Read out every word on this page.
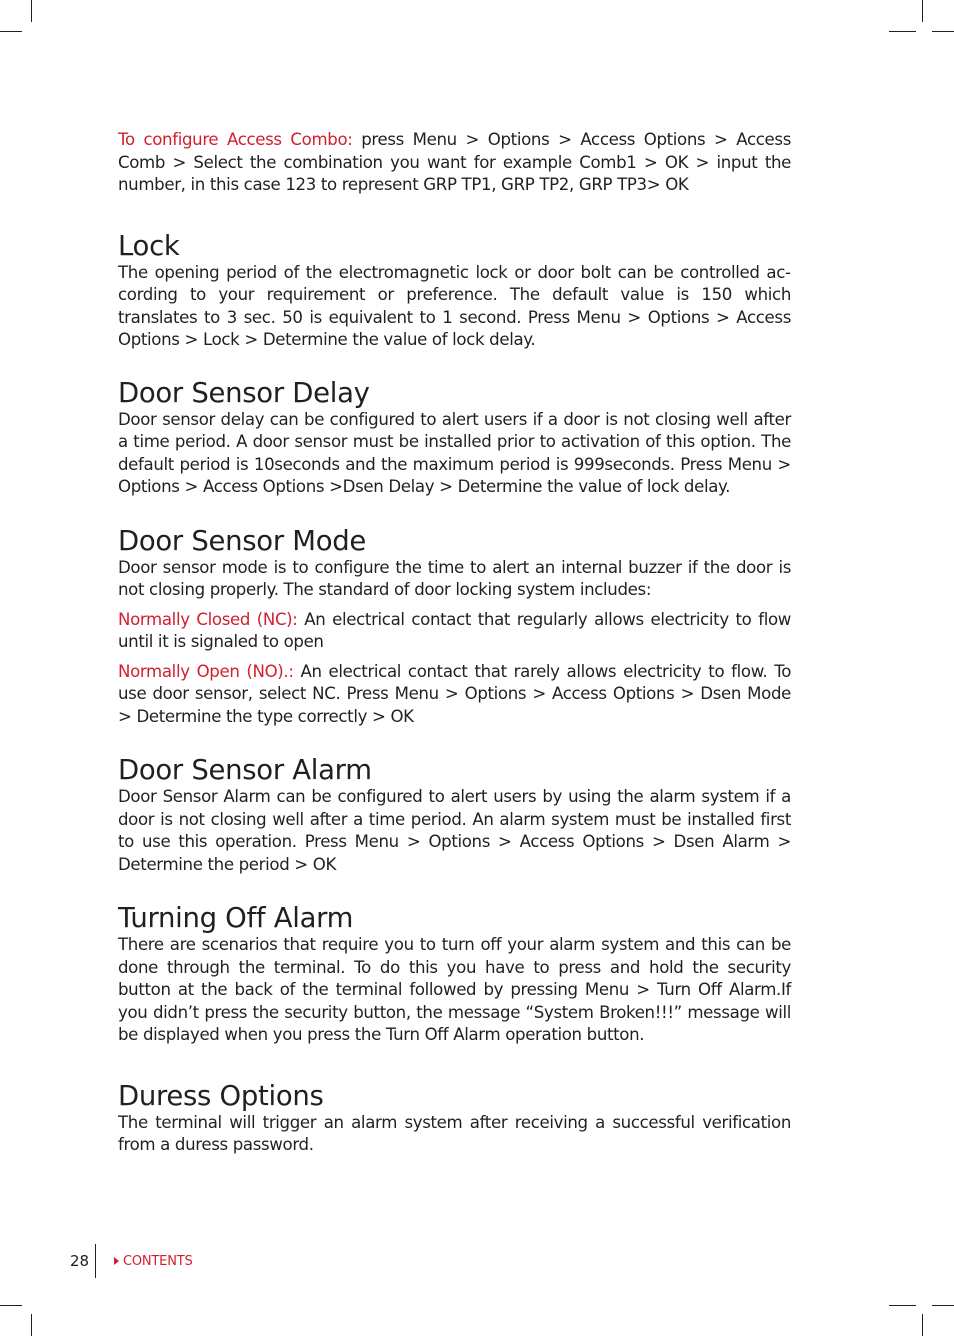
To configure Access Combo: press Menu > Options > Access Options > Access Comb > Select the combination you want for example Comb1 > OK > input the number, in this case 123 to represent GRP TP1, GRP TP2, GRP TP3> OK

Lock

The opening period of the electromagnetic lock or door bolt can be controlled according to your requirement or preference. The default value is 150 which translates to 3 sec. 50 is equivalent to 1 second. Press Menu > Options > Access Options > Lock > Determine the value of lock delay.

Door Sensor Delay

Door sensor delay can be configured to alert users if a door is not closing well after a time period. A door sensor must be installed prior to activation of this option. The default period is 10seconds and the maximum period is 999seconds. Press Menu > Options > Access Options >Dsen Delay > Determine the value of lock delay.

Door Sensor Mode

Door sensor mode is to configure the time to alert an internal buzzer if the door is not closing properly. The standard of door locking system includes:

Normally Closed (NC): An electrical contact that regularly allows electricity to flow until it is signaled to open

Normally Open (NO).: An electrical contact that rarely allows electricity to flow. To use door sensor, select NC. Press Menu > Options > Access Options > Dsen Mode > Determine the type correctly > OK

Door Sensor Alarm

Door Sensor Alarm can be configured to alert users by using the alarm system if a door is not closing well after a time period. An alarm system must be installed first to use this operation. Press Menu > Options > Access Options > Dsen Alarm > Determine the period > OK

Turning Off Alarm

There are scenarios that require you to turn off your alarm system and this can be done through the terminal. To do this you have to press and hold the security button at the back of the terminal followed by pressing Menu > Turn Off Alarm.If you didn’t press the security button, the message “System Broken!!!” message will be displayed when you press the Turn Off Alarm operation button.

Duress Options

The terminal will trigger an alarm system after receiving a successful verification from a duress password.

28	CONTENTS
